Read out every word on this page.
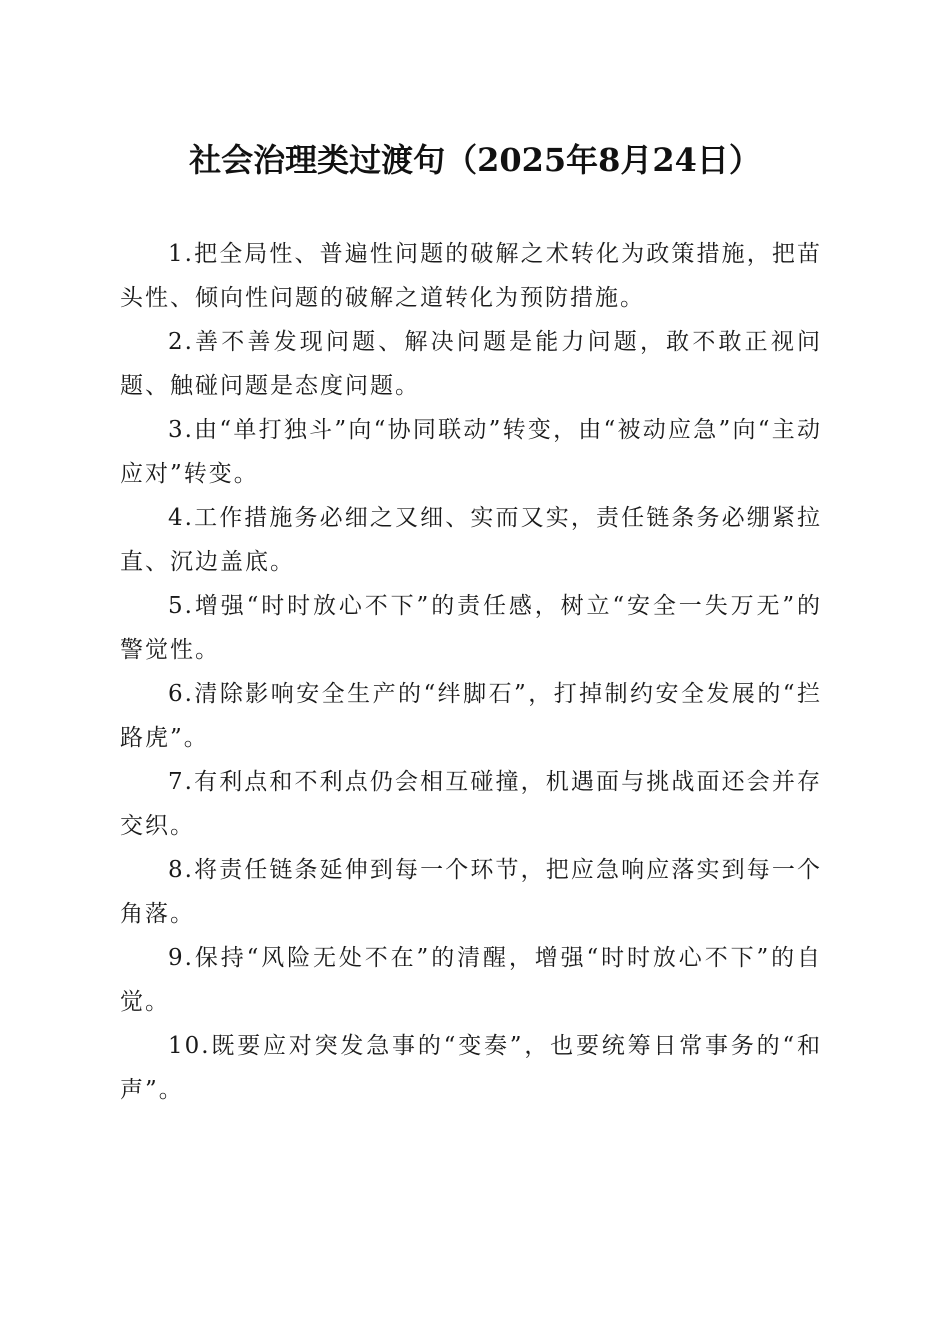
社会治理类过渡句（2025年8月24日）

1.把全局性、普遍性问题的破解之术转化为政策措施，把苗头性、倾向性问题的破解之道转化为预防措施。

2.善不善发现问题、解决问题是能力问题，敢不敢正视问题、触碰问题是态度问题。

3.由“单打独斗”向“协同联动”转变，由“被动应急”向“主动应对”转变。

4.工作措施务必细之又细、实而又实，责任链条务必绷紧拉直、沉边盖底。

5.增强“时时放心不下”的责任感，树立“安全一失万无”的警觉性。

6.清除影响安全生产的“绊脚石”，打掉制约安全发展的“拦路虎”。

7.有利点和不利点仍会相互碰撞，机遇面与挑战面还会并存交织。

8.将责任链条延伸到每一个环节，把应急响应落实到每一个角落。

9.保持“风险无处不在”的清醒，增强“时时放心不下”的自觉。

10.既要应对突发急事的“变奏”，也要统筹日常事务的“和声”。
